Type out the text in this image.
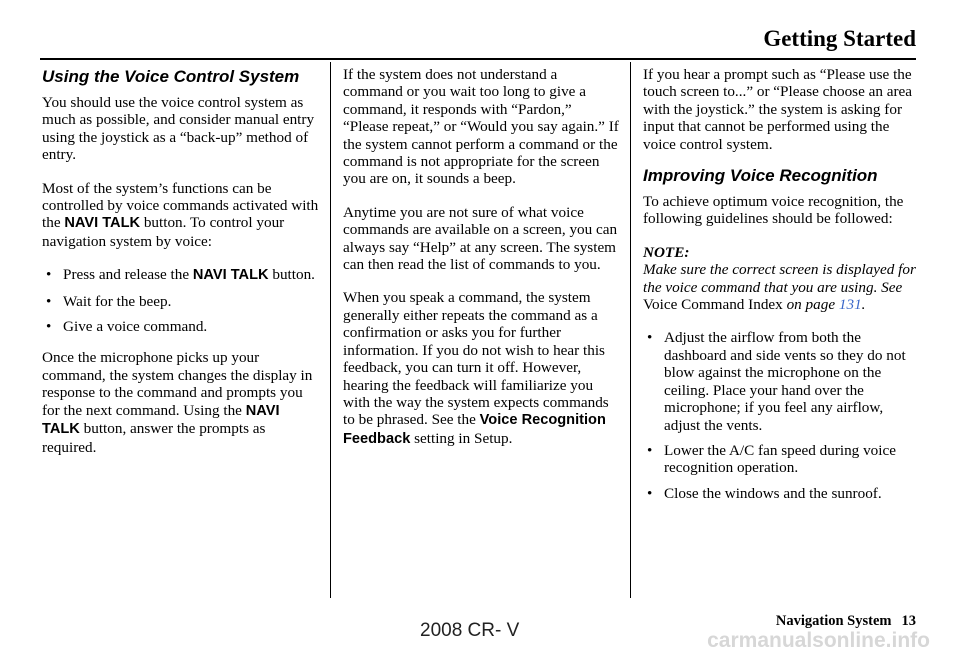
Getting Started
Using the Voice Control System

You should use the voice control system as much as possible, and consider manual entry using the joystick as a “back-up” method of entry.

Most of the system’s functions can be controlled by voice commands activated with the NAVI TALK button. To control your navigation system by voice:

• Press and release the NAVI TALK button.
• Wait for the beep.
• Give a voice command.

Once the microphone picks up your command, the system changes the display in response to the command and prompts you for the next command. Using the NAVI TALK button, answer the prompts as required.

If the system does not understand a command or you wait too long to give a command, it responds with “Pardon,” “Please repeat,” or “Would you say again.” If the system cannot perform a command or the command is not appropriate for the screen you are on, it sounds a beep.

Anytime you are not sure of what voice commands are available on a screen, you can always say “Help” at any screen. The system can then read the list of commands to you.

When you speak a command, the system generally either repeats the command as a confirmation or asks you for further information. If you do not wish to hear this feedback, you can turn it off. However, hearing the feedback will familiarize you with the way the system expects commands to be phrased. See the Voice Recognition Feedback setting in Setup.

If you hear a prompt such as “Please use the touch screen to...” or “Please choose an area with the joystick.” the system is asking for input that cannot be performed using the voice control system.

Improving Voice Recognition

To achieve optimum voice recognition, the following guidelines should be followed:

NOTE:

Make sure the correct screen is displayed for the voice command that you are using. See Voice Command Index on page 131.

• Adjust the airflow from both the dashboard and side vents so they do not blow against the microphone on the ceiling. Place your hand over the microphone; if you feel any airflow, adjust the vents.
• Lower the A/C fan speed during voice recognition operation.
• Close the windows and the sunroof.
Navigation System 13
2008 CR- V	carmanualsonline.info
